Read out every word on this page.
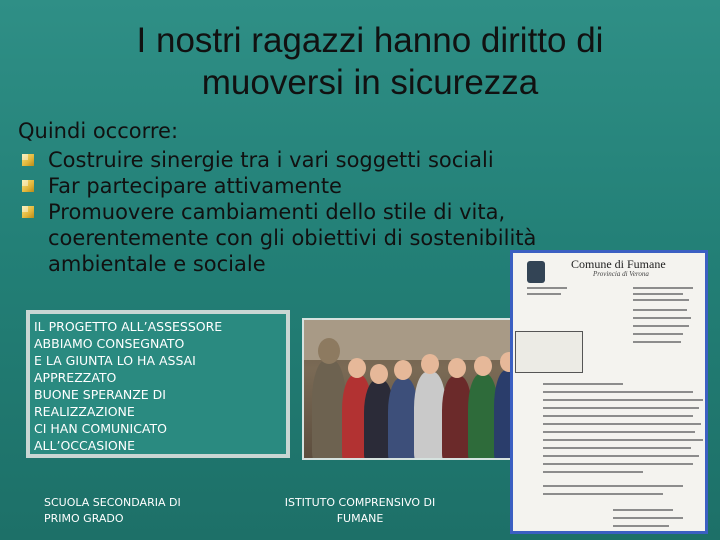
I nostri ragazzi hanno diritto di
muoversi in sicurezza
Quindi occorre:
Costruire sinergie tra i vari soggetti sociali
Far partecipare attivamente
Promuovere cambiamenti dello stile di vita, coerentemente con gli obiettivi di sostenibilità ambientale e sociale
IL PROGETTO ALL’ASSESSORE
ABBIAMO CONSEGNATO
E LA GIUNTA LO HA ASSAI
APPREZZATO
BUONE SPERANZE DI
REALIZZAZIONE
CI HAN COMUNICATO
ALL’OCCASIONE
Comune di Fumane
Provincia di Verona
SCUOLA SECONDARIA DI
PRIMO GRADO
ISTITUTO COMPRENSIVO DI
FUMANE
